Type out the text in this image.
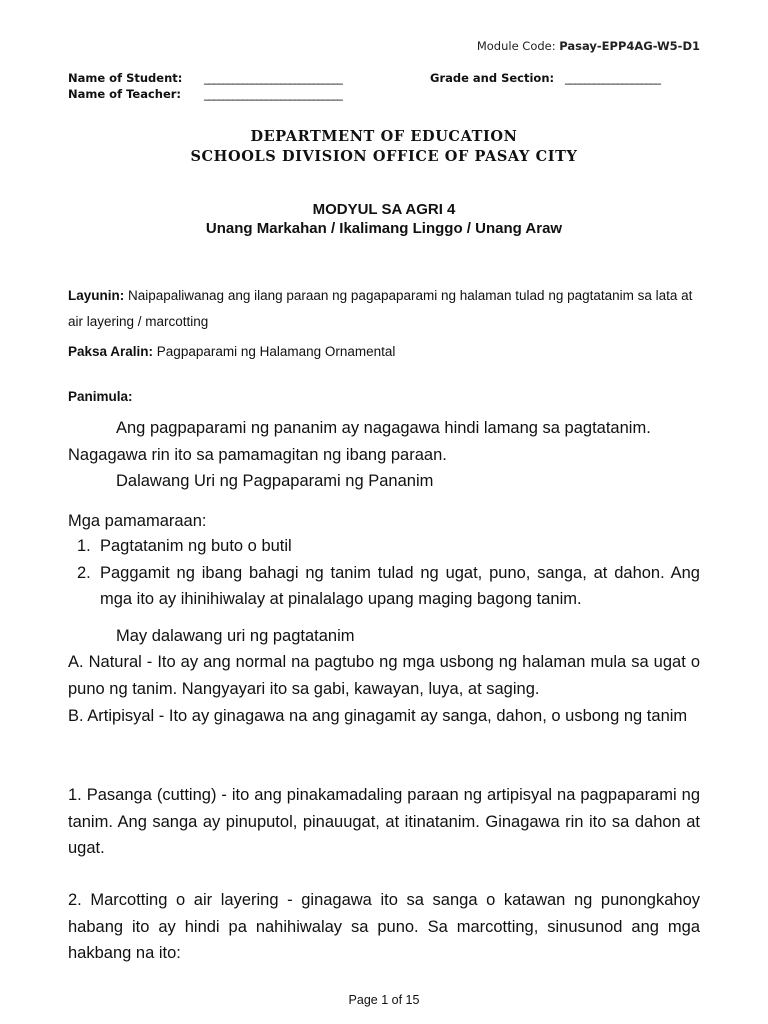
Module Code: Pasay-EPP4AG-W5-D1
Name of Student: _____________________________	Grade and Section: ____________________
Name of Teacher: _____________________________
DEPARTMENT OF EDUCATION
SCHOOLS DIVISION OFFICE OF PASAY CITY
MODYUL SA AGRI 4
Unang Markahan / Ikalimang Linggo / Unang Araw
Layunin: Naipapaliwanag ang ilang paraan ng pagapaparami ng halaman tulad ng pagtatanim sa lata at air layering / marcotting
Paksa Aralin: Pagpaparami ng Halamang Ornamental
Panimula:
Ang pagpaparami ng pananim ay nagagawa hindi lamang sa pagtatanim.
Nagagawa rin ito sa pamamagitan ng ibang paraan.
Dalawang Uri ng Pagpaparami ng Pananim
Mga pamamaraan:
1. Pagtatanim ng buto o butil
2. Paggamit ng ibang bahagi ng tanim tulad ng ugat, puno, sanga, at dahon. Ang mga ito ay ihinihiwalay at pinalalago upang maging bagong tanim.
May dalawang uri ng pagtatanim
A. Natural - Ito ay ang normal na pagtubo ng mga usbong ng halaman mula sa ugat o puno ng tanim. Nangyayari ito sa gabi, kawayan, luya, at saging.
B. Artipisyal - Ito ay ginagawa na ang ginagamit ay sanga, dahon, o usbong ng tanim
1. Pasanga (cutting) - ito ang pinakamadaling paraan ng artipisyal na pagpaparami ng tanim. Ang sanga ay pinuputol, pinauugat, at itinatanim. Ginagawa rin ito sa dahon at ugat.
2. Marcotting o air layering - ginagawa ito sa sanga o katawan ng punongkahoy habang ito ay hindi pa nahihiwalay sa puno. Sa marcotting, sinusunod ang mga hakbang na ito:
Page 1 of 15
